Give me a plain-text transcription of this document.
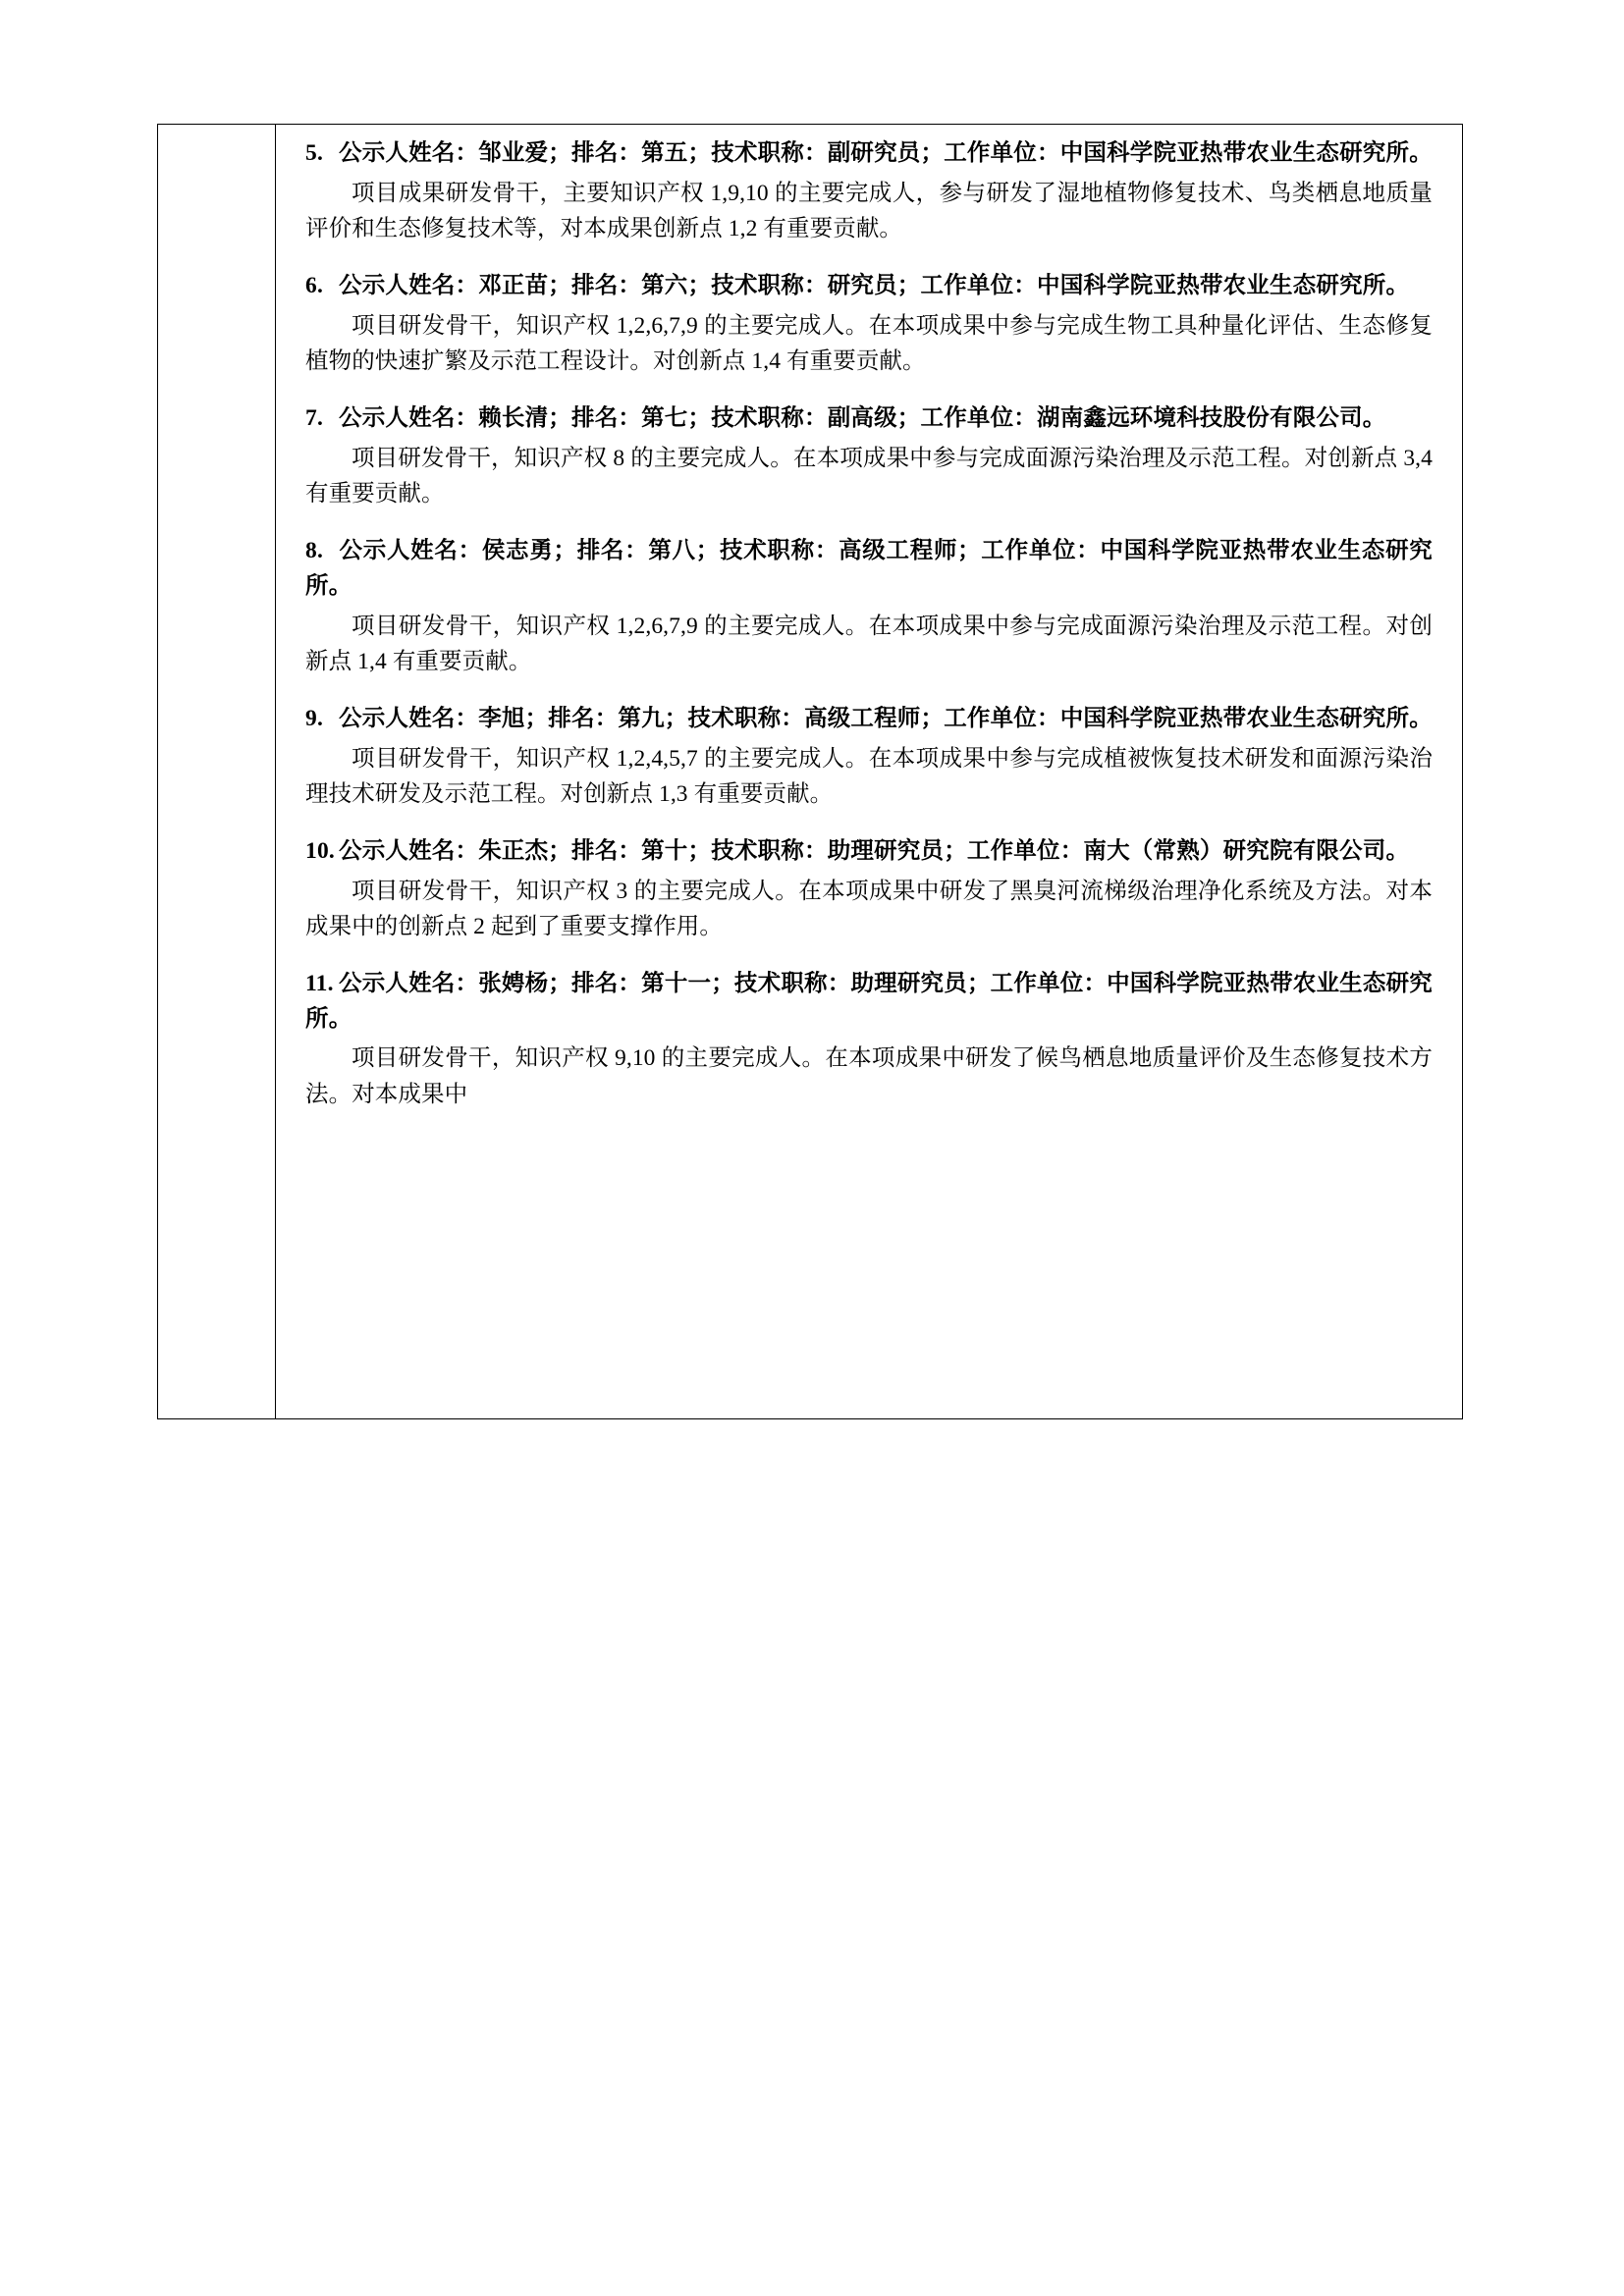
5. 公示人姓名：邹业爱；排名：第五；技术职称：副研究员；工作单位：中国科学院亚热带农业生态研究所。
项目成果研发骨干，主要知识产权 1,9,10 的主要完成人，参与研发了湿地植物修复技术、鸟类栖息地质量评价和生态修复技术等，对本成果创新点 1,2 有重要贡献。
6. 公示人姓名：邓正苗；排名：第六；技术职称：研究员；工作单位：中国科学院亚热带农业生态研究所。
项目研发骨干，知识产权 1,2,6,7,9 的主要完成人。在本项成果中参与完成生物工具种量化评估、生态修复植物的快速扩繁及示范工程设计。对创新点 1,4 有重要贡献。
7. 公示人姓名：赖长清；排名：第七；技术职称：副高级；工作单位：湖南鑫远环境科技股份有限公司。
项目研发骨干，知识产权 8 的主要完成人。在本项成果中参与完成面源污染治理及示范工程。对创新点 3,4 有重要贡献。
8. 公示人姓名：侯志勇；排名：第八；技术职称：高级工程师；工作单位：中国科学院亚热带农业生态研究所。
项目研发骨干，知识产权 1,2,6,7,9 的主要完成人。在本项成果中参与完成面源污染治理及示范工程。对创新点 1,4 有重要贡献。
9. 公示人姓名：李旭；排名：第九；技术职称：高级工程师；工作单位：中国科学院亚热带农业生态研究所。
项目研发骨干，知识产权 1,2,4,5,7 的主要完成人。在本项成果中参与完成植被恢复技术研发和面源污染治理技术研发及示范工程。对创新点 1,3 有重要贡献。
10. 公示人姓名：朱正杰；排名：第十；技术职称：助理研究员；工作单位：南大（常熟）研究院有限公司。
项目研发骨干，知识产权 3 的主要完成人。在本项成果中研发了黑臭河流梯级治理净化系统及方法。对本成果中的创新点 2 起到了重要支撑作用。
11. 公示人姓名：张娉杨；排名：第十一；技术职称：助理研究员；工作单位：中国科学院亚热带农业生态研究所。
项目研发骨干，知识产权 9,10 的主要完成人。在本项成果中研发了候鸟栖息地质量评价及生态修复技术方法。对本成果中
